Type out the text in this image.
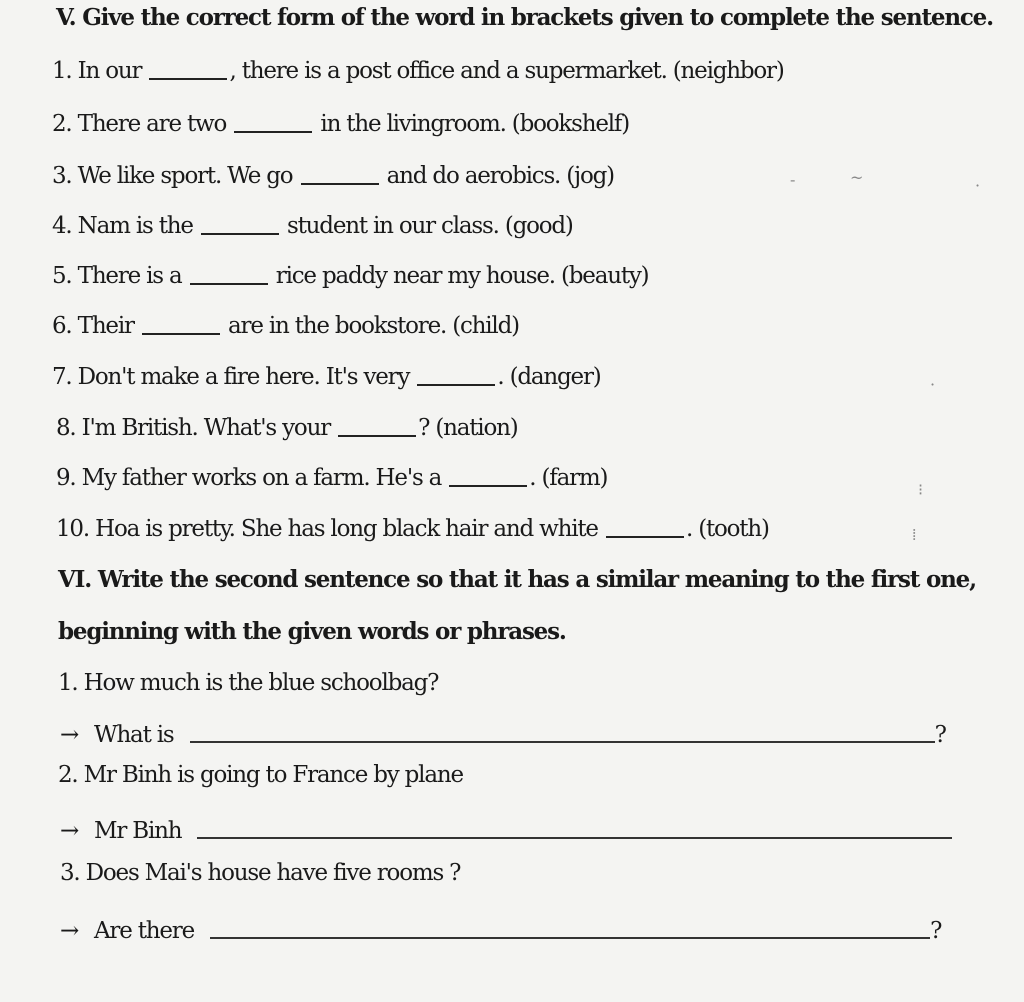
V. Give the correct form of the word in brackets given to complete the sentence.
1. In our	, there is a post office and a supermarket. (neighbor)
2. There are two	in the livingroom. (bookshelf)
3. We like sport. We go	and do aerobics. (jog)
4. Nam is the	student in our class. (good)
5. There is a	rice paddy near my house. (beauty)
6. Their	are in the bookstore. (child)
7. Don't make a fire here. It's very	. (danger)
8. I'm British. What's your	? (nation)
9. My father works on a farm. He's a	. (farm)
10. Hoa is pretty. She has long black hair and white	. (tooth)
VI. Write the second sentence so that it has a similar meaning to the first one,
beginning with the given words or phrases.
1. How much is the blue schoolbag?
→ What is	?
2. Mr Binh is going to France by plane
→ Mr Binh
3. Does Mai's house have five rooms ?
→ Are there	?
-	~	·
·
⁝
⁞
